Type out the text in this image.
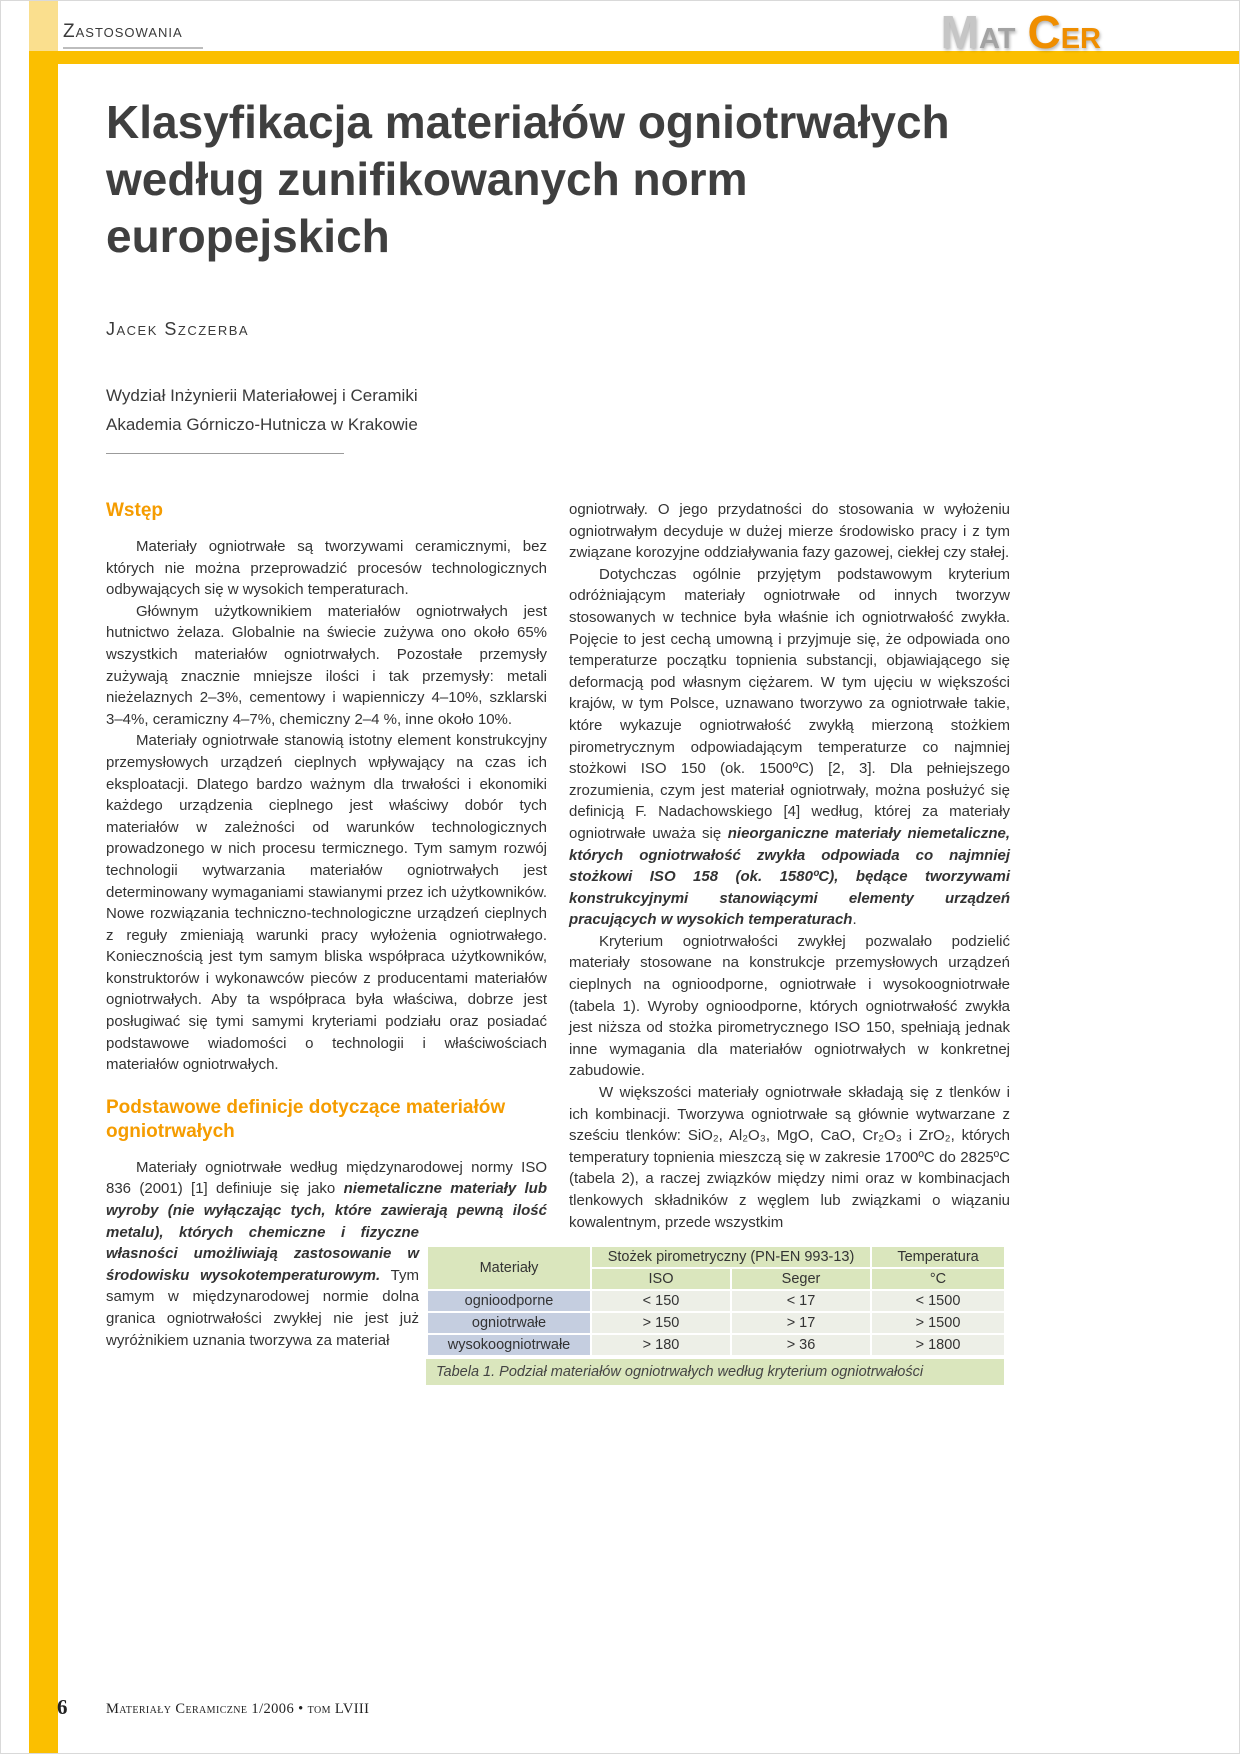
Zastosowania	MAT CER
Klasyfikacja materiałów ogniotrwałych według zunifikowanych norm europejskich
Jacek Szczerba
Wydział Inżynierii Materiałowej i Ceramiki
Akademia Górniczo-Hutnicza w Krakowie
Wstęp

Materiały ogniotrwałe są tworzywami ceramicznymi, bez których nie można przeprowadzić procesów technologicznych odbywających się w wysokich temperaturach.

Głównym użytkownikiem materiałów ogniotrwałych jest hutnictwo żelaza. Globalnie na świecie zużywa ono około 65% wszystkich materiałów ogniotrwałych. Pozostałe przemysły zużywają znacznie mniejsze ilości i tak przemysły: metali nieżelaznych 2–3%, cementowy i wapienniczy 4–10%, szklarski 3–4%, ceramiczny 4–7%, chemiczny 2–4 %, inne około 10%.

Materiały ogniotrwałe stanowią istotny element konstrukcyjny przemysłowych urządzeń cieplnych wpływający na czas ich eksploatacji. Dlatego bardzo ważnym dla trwałości i ekonomiki każdego urządzenia cieplnego jest właściwy dobór tych materiałów w zależności od warunków technologicznych prowadzonego w nich procesu termicznego. Tym samym rozwój technologii wytwarzania materiałów ogniotrwałych jest determinowany wymaganiami stawianymi przez ich użytkowników. Nowe rozwiązania techniczno-technologiczne urządzeń cieplnych z reguły zmieniają warunki pracy wyłożenia ogniotrwałego. Koniecznością jest tym samym bliska współpraca użytkowników, konstruktorów i wykonawców pieców z producentami materiałów ogniotrwałych. Aby ta współpraca była właściwa, dobrze jest posługiwać się tymi samymi kryteriami podziału oraz posiadać podstawowe wiadomości o technologii i właściwościach materiałów ogniotrwałych.

Podstawowe definicje dotyczące materiałów ogniotrwałych

Materiały ogniotrwałe według międzynarodowej normy ISO 836 (2001) [1] definiuje się jako niemetaliczne materiały lub wyroby (nie wyłączając tych, które zawierają
pewną ilość metalu), których chemiczne i fizyczne własności umożliwiają zastosowanie w środowisku wysokotemperaturowym. Tym samym w międzynarodowej normie dolna granica ogniotrwałości zwykłej nie jest już wyróżnikiem uznania tworzywa za materiał

ogniotrwały. O jego przydatności do stosowania w wyłożeniu ogniotrwałym decyduje w dużej mierze środowisko pracy i z tym związane korozyjne oddziaływania fazy gazowej, ciekłej czy stałej.

Dotychczas ogólnie przyjętym podstawowym kryterium odróżniającym materiały ogniotrwałe od innych tworzyw stosowanych w technice była właśnie ich ogniotrwałość zwykła. Pojęcie to jest cechą umowną i przyjmuje się, że odpowiada ono temperaturze początku topnienia substancji, objawiającego się deformacją pod własnym ciężarem. W tym ujęciu w większości krajów, w tym Polsce, uznawano tworzywo za ogniotrwałe takie, które wykazuje ogniotrwałość zwykłą mierzoną stożkiem pirometrycznym odpowiadającym temperaturze co najmniej stożkowi ISO 150 (ok. 1500ºC) [2, 3]. Dla pełniejszego zrozumienia, czym jest materiał ogniotrwały, można posłużyć się definicją F. Nadachowskiego [4] według, której za materiały ogniotrwałe uważa się nieorganiczne materiały niemetaliczne, których ogniotrwałość zwykła odpowiada co najmniej stożkowi ISO 158 (ok. 1580ºC), będące tworzywami konstrukcyjnymi stanowiącymi elementy urządzeń pracujących w wysokich temperaturach.

Kryterium ogniotrwałości zwykłej pozwalało podzielić materiały stosowane na konstrukcje przemysłowych urządzeń cieplnych na ognioodporne, ogniotrwałe i wysokoogniotrwałe (tabela 1). Wyroby ognioodporne, których ogniotrwałość zwykła jest niższa od stożka pirometrycznego ISO 150, spełniają jednak inne wymagania dla materiałów ogniotrwałych w konkretnej zabudowie.

W większości materiały ogniotrwałe składają się z tlenków i ich kombinacji. Tworzywa ogniotrwałe są głównie wytwarzane z sześciu tlenków: SiO₂, Al₂O₃, MgO, CaO, Cr₂O₃ i ZrO₂, których temperatury topnienia mieszczą się w zakresie 1700ºC do 2825ºC (tabela 2), a raczej związków między nimi oraz w kombinacjach tlenkowych składników z węglem lub związkami o wiązaniu kowalentnym, przede wszystkim

Materiały	Stożek pirometryczny (PN-EN 993-13)		Temperatura
	ISO	Seger	°C
ognioodporne	< 150	< 17	< 1500
ogniotrwałe	> 150	> 17	> 1500
wysokoogniotrwałe	> 180	> 36	> 1800
Tabela 1. Podział materiałów ogniotrwałych według kryterium ogniotrwałości
6	Materiały Ceramiczne 1/2006 • tom LVIII
